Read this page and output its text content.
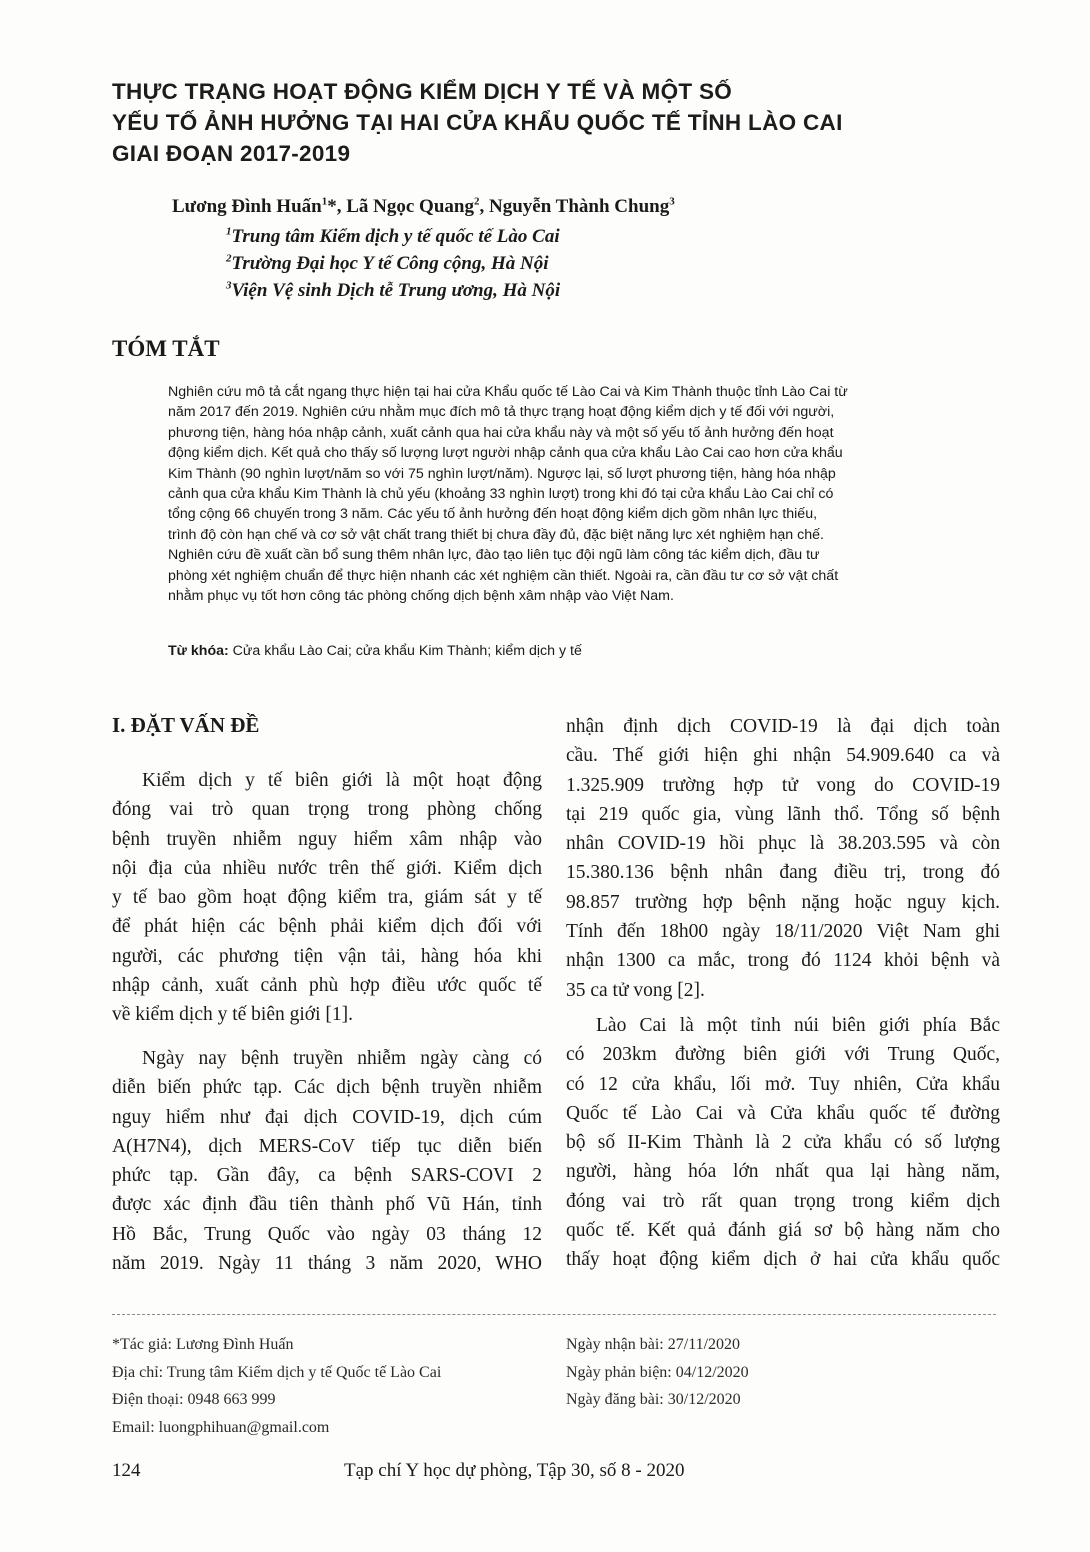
THỰC TRẠNG HOẠT ĐỘNG KIỂM DỊCH Y TẾ VÀ MỘT SỐ
YẾU TỐ ẢNH HƯỞNG TẠI HAI CỬA KHẨU QUỐC TẾ TỈNH LÀO CAI
GIAI ĐOẠN 2017-2019

Lương Đình Huấn$^1$*, Lã Ngọc Quang$^2$, Nguyễn Thành Chung$^3$

$^1$Trung tâm Kiểm dịch y tế quốc tế Lào Cai

$^2$Trường Đại học Y tế Công cộng, Hà Nội

$^3$Viện Vệ sinh Dịch tễ Trung ương, Hà Nội

TÓM TẮT
Nghiên cứu mô tả cắt ngang thực hiện tại hai cửa Khẩu quốc tế Lào Cai và Kim Thành thuộc tỉnh Lào Cai từ
năm 2017 đến 2019. Nghiên cứu nhằm mục đích mô tả thực trạng hoạt động kiểm dịch y tế đối với người,
phương tiện, hàng hóa nhập cảnh, xuất cảnh qua hai cửa khẩu này và một số yếu tố ảnh hưởng đến hoạt
động kiểm dịch. Kết quả cho thấy số lượng lượt người nhập cảnh qua cửa khẩu Lào Cai cao hơn cửa khẩu
Kim Thành (90 nghìn lượt/năm so với 75 nghìn lượt/năm). Ngược lại, số lượt phương tiện, hàng hóa nhập
cảnh qua cửa khẩu Kim Thành là chủ yếu (khoảng 33 nghìn lượt) trong khi đó tại cửa khẩu Lào Cai chỉ có
tổng cộng 66 chuyến trong 3 năm. Các yếu tố ảnh hưởng đến hoạt động kiểm dịch gồm nhân lực thiếu,
trình độ còn hạn chế và cơ sở vật chất trang thiết bị chưa đầy đủ, đặc biệt năng lực xét nghiệm hạn chế.
Nghiên cứu đề xuất cần bổ sung thêm nhân lực, đào tạo liên tục đội ngũ làm công tác kiểm dịch, đầu tư
phòng xét nghiệm chuẩn để thực hiện nhanh các xét nghiệm cần thiết. Ngoài ra, cần đầu tư cơ sở vật chất
nhằm phục vụ tốt hơn công tác phòng chống dịch bệnh xâm nhập vào Việt Nam.
Từ khóa: Cửa khẩu Lào Cai; cửa khẩu Kim Thành; kiểm dịch y tế
I. ĐẶT VẤN ĐỀ
Kiểm dịch y tế biên giới là một hoạt động
đóng vai trò quan trọng trong phòng chống
bệnh truyền nhiễm nguy hiểm xâm nhập vào
nội địa của nhiều nước trên thế giới. Kiểm dịch
y tế bao gồm hoạt động kiểm tra, giám sát y tế
để phát hiện các bệnh phải kiểm dịch đối với
người, các phương tiện vận tải, hàng hóa khi
nhập cảnh, xuất cảnh phù hợp điều ước quốc tế
về kiểm dịch y tế biên giới [1].
Ngày nay bệnh truyền nhiễm ngày càng có
diễn biến phức tạp. Các dịch bệnh truyền nhiễm
nguy hiểm như đại dịch COVID-19, dịch cúm
A(H7N4), dịch MERS-CoV tiếp tục diễn biến
phức tạp. Gần đây, ca bệnh SARS-COVI 2
được xác định đầu tiên thành phố Vũ Hán, tỉnh
Hồ Bắc, Trung Quốc vào ngày 03 tháng 12
năm 2019. Ngày 11 tháng 3 năm 2020, WHO
nhận định dịch COVID-19 là đại dịch toàn
cầu. Thế giới hiện ghi nhận 54.909.640 ca và
1.325.909 trường hợp tử vong do COVID-19
tại 219 quốc gia, vùng lãnh thổ. Tổng số bệnh
nhân COVID-19 hồi phục là 38.203.595 và còn
15.380.136 bệnh nhân đang điều trị, trong đó
98.857 trường hợp bệnh nặng hoặc nguy kịch.
Tính đến 18h00 ngày 18/11/2020 Việt Nam ghi
nhận 1300 ca mắc, trong đó 1124 khỏi bệnh và
35 ca tử vong [2].
Lào Cai là một tỉnh núi biên giới phía Bắc
có 203km đường biên giới với Trung Quốc,
có 12 cửa khẩu, lối mở. Tuy nhiên, Cửa khẩu
Quốc tế Lào Cai và Cửa khẩu quốc tế đường
bộ số II-Kim Thành là 2 cửa khẩu có số lượng
người, hàng hóa lớn nhất qua lại hàng năm,
đóng vai trò rất quan trọng trong kiểm dịch
quốc tế. Kết quả đánh giá sơ bộ hàng năm cho
thấy hoạt động kiểm dịch ở hai cửa khẩu quốc
*Tác giả: Lương Đình Huấn
Địa chỉ: Trung tâm Kiểm dịch y tế Quốc tế Lào Cai
Điện thoại: 0948 663 999
Email: luongphihuan@gmail.com
Ngày nhận bài: 27/11/2020
Ngày phản biện: 04/12/2020
Ngày đăng bài: 30/12/2020
124	Tạp chí Y học dự phòng, Tập 30, số 8 - 2020
